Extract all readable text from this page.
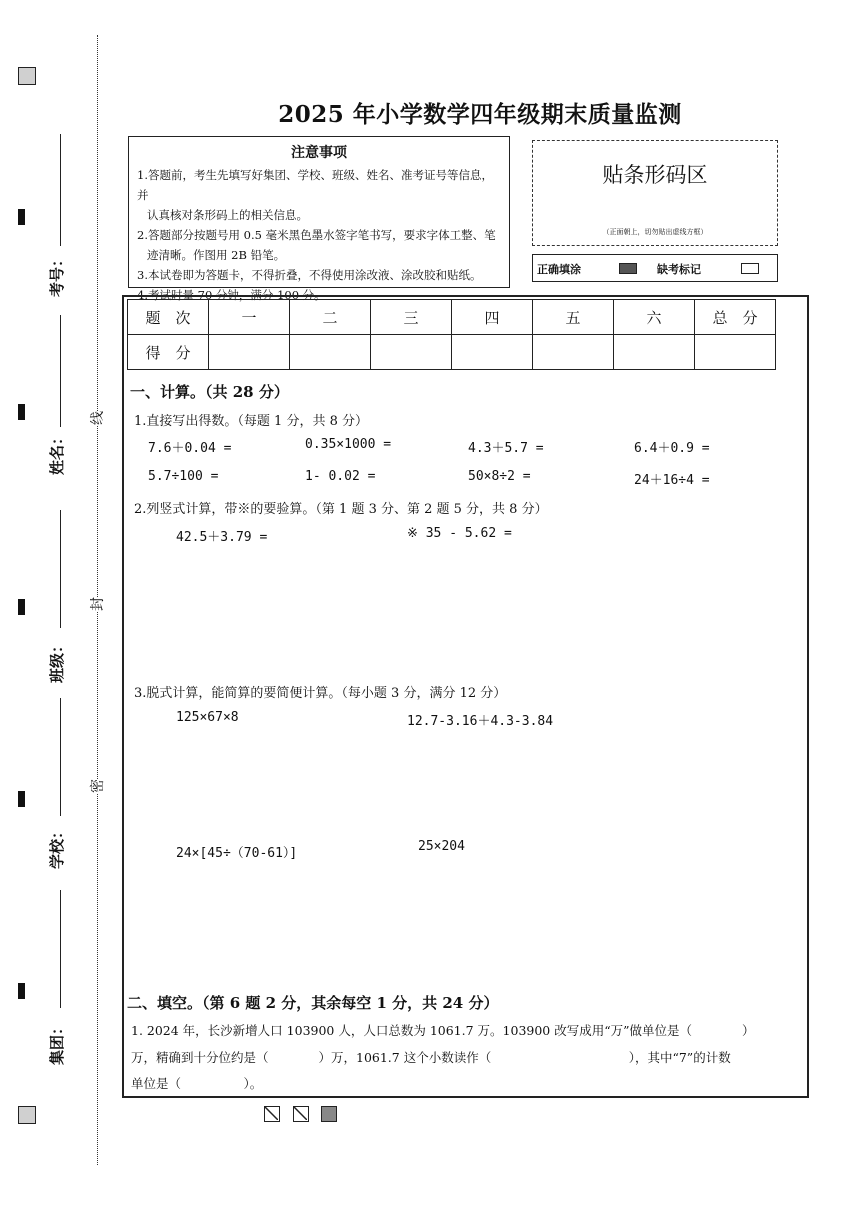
考号：
姓名：
班级：
学校：
集团：
线
封
密
2025 年小学数学四年级期末质量监测
注意事项

1.答题前，考生先填写好集团、学校、班级、姓名、准考证号等信息，并

认真核对条形码上的相关信息。

2.答题部分按题号用 0.5 毫米黑色墨水签字笔书写，要求字体工整、笔

迹清晰。作图用 2B 铅笔。

3.本试卷即为答题卡，不得折叠，不得使用涂改液、涂改胶和贴纸。

4.考试时量 70 分钟，满分 100 分。

贴条形码区
（正面朝上，切勿贴出虚线方框）
正确填涂	缺考标记
题　次	一	二	三	四	五	六	总　分
得　分							
一、计算。（共 28 分）
1.直接写出得数。（每题 1 分，共 8 分）
7.6＋0.04 =	0.35×1000 =	4.3＋5.7 =	6.4＋0.9 =
5.7÷100 =	1- 0.02 =	50×8÷2 =	24＋16÷4 =
2.列竖式计算，带※的要验算。（第 1 题 3 分、第 2 题 5 分，共 8 分）
42.5＋3.79 =	※ 35 - 5.62 =
3.脱式计算，能简算的要简便计算。（每小题 3 分，满分 12 分）
125×67×8	12.7-3.16＋4.3-3.84
24×[45÷（70-61）]	25×204
二、填空。（第 6 题 2 分，其余每空 1 分，共 24 分）
1. 2024 年，长沙新增人口 103900 人，人口总数为 1061.7 万。103900 改写成用“万”做单位是（　　　　）
万，精确到十分位约是（　　　　）万，1061.7 这个小数读作（　　　　　　　　　　　），其中“7”的计数
单位是（　　　　　）。
